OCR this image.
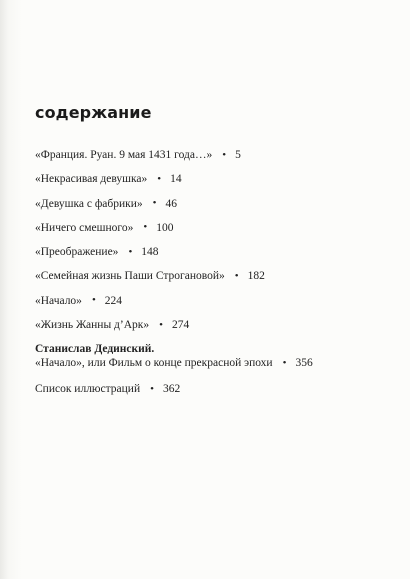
содержание
«Франция. Руан. 9 мая 1431 года…» • 5
«Некрасивая девушка» • 14
«Девушка с фабрики» • 46
«Ничего смешного» • 100
«Преображение» • 148
«Семейная жизнь Паши Строгановой» • 182
«Начало» • 224
«Жизнь Жанны д’Арк» • 274
Станислав Дединский.
«Начало», или Фильм о конце прекрасной эпохи • 356
Список иллюстраций • 362
